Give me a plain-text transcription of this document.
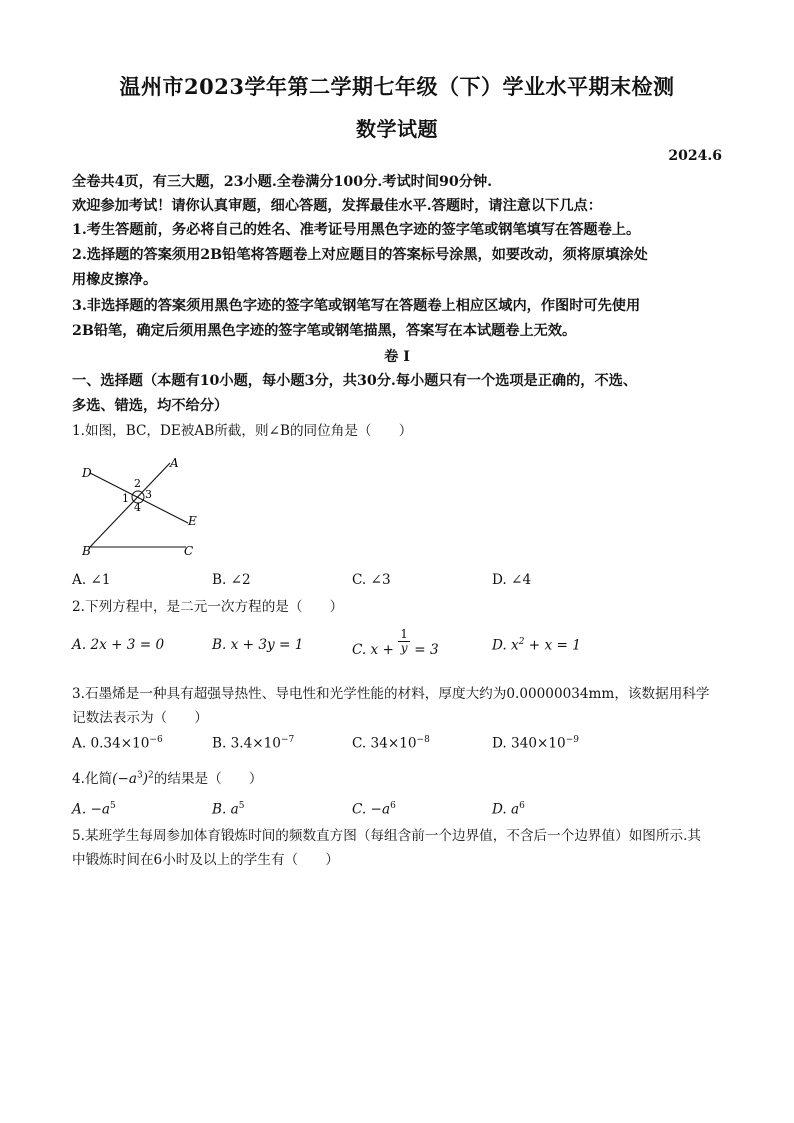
温州市2023学年第二学期七年级（下）学业水平期末检测
数学试题
2024.6
全卷共4页，有三大题，23小题.全卷满分100分.考试时间90分钟.
欢迎参加考试！请你认真审题，细心答题，发挥最佳水平.答题时，请注意以下几点：
1.考生答题前，务必将自己的姓名、准考证号用黑色字迹的签字笔或钢笔填写在答题卷上。
2.选择题的答案须用2B铅笔将答题卷上对应题目的答案标号涂黑，如要改动，须将原填涂处
用橡皮擦净。
3.非选择题的答案须用黑色字迹的签字笔或钢笔写在答题卷上相应区域内，作图时可先使用
2B铅笔，确定后须用黑色字迹的签字笔或钢笔描黑，答案写在本试题卷上无效。
卷 I
一、选择题（本题有10小题，每小题3分，共30分.每小题只有一个选项是正确的，不选、
多选、错选，均不给分）
1.如图，BC，DE被AB所截，则∠B的同位角是（　　）
D
A
E
B	C
1
2
3
4
A. ∠1	B. ∠2	C. ∠3	D. ∠4
2.下列方程中，是二元一次方程的是（　　）
A. 2x + 3 = 0	B. x + 3y = 1	C. $x + \frac{1}{y} = 3$	D. $x^2 + x = 1$
3.石墨烯是一种具有超强导热性、导电性和光学性能的材料，厚度大约为0.00000034mm，该数据用科学
记数法表示为（　　）
A. $0.34\times 10^{-6}$	B. $3.4\times 10^{-7}$	C. $34\times 10^{-8}$	D. $340\times 10^{-9}$
4.化简$(-a^3)^2$的结果是（　　）
A. $-a^5$	B. $a^5$	C. $-a^6$	D. $a^6$
5.某班学生每周参加体育锻炼时间的频数直方图（每组含前一个边界值，不含后一个边界值）如图所示.其
中锻炼时间在6小时及以上的学生有（　　）
